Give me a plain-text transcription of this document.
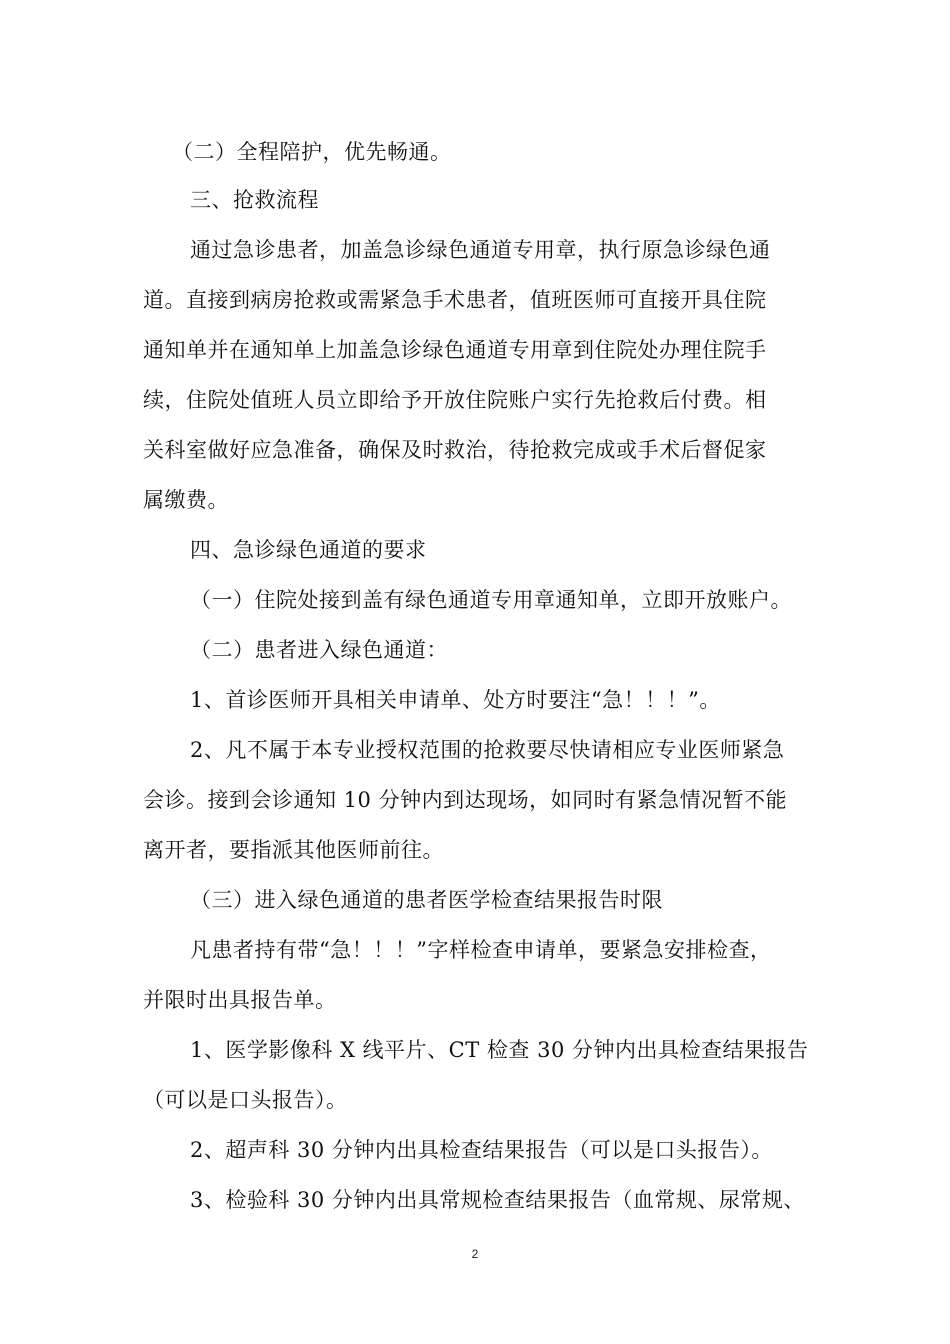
（二）全程陪护，优先畅通。
三、抢救流程
通过急诊患者，加盖急诊绿色通道专用章，执行原急诊绿色通
道。直接到病房抢救或需紧急手术患者，值班医师可直接开具住院
通知单并在通知单上加盖急诊绿色通道专用章到住院处办理住院手
续，住院处值班人员立即给予开放住院账户实行先抢救后付费。相
关科室做好应急准备，确保及时救治，待抢救完成或手术后督促家
属缴费。
四、急诊绿色通道的要求
（一）住院处接到盖有绿色通道专用章通知单，立即开放账户。
（二）患者进入绿色通道：
1、首诊医师开具相关申请单、处方时要注“急！！！”。
2、凡不属于本专业授权范围的抢救要尽快请相应专业医师紧急
会诊。接到会诊通知 10 分钟内到达现场，如同时有紧急情况暂不能
离开者，要指派其他医师前往。
（三）进入绿色通道的患者医学检查结果报告时限
凡患者持有带“急！！！”字样检查申请单，要紧急安排检查，
并限时出具报告单。
1、医学影像科 X 线平片、CT 检查 30 分钟内出具检查结果报告
（可以是口头报告）。
2、超声科 30 分钟内出具检查结果报告（可以是口头报告）。
3、检验科 30 分钟内出具常规检查结果报告（血常规、尿常规、
2
